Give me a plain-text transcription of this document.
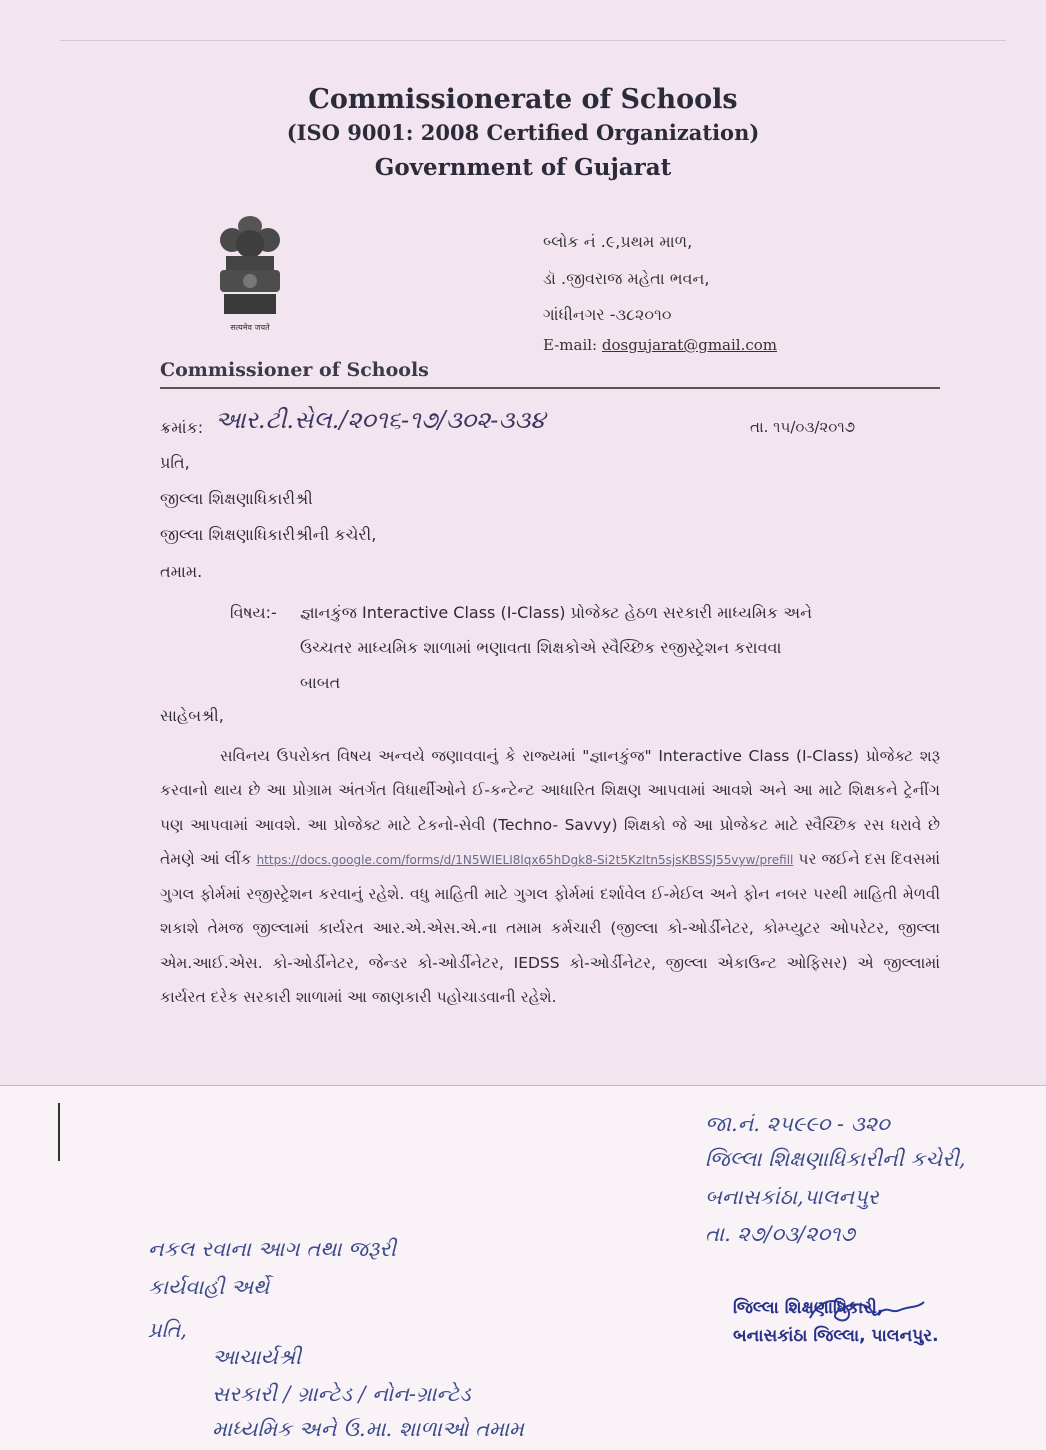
Commissionerate of Schools
(ISO 9001: 2008 Certified Organization)
Government of Gujarat
सत्यमेव जयते
બ્લોક નં .૯,પ્રથમ માળ,
ડૉ .જીવરાજ મહેતા ભવન,
ગાંધીનગર -૩૮૨૦૧૦
E-mail: dosgujarat@gmail.com
Commissioner of Schools
ક્રમાંક: આર.ટી.સેલ./૨૦૧૬-૧૭/૩૦૨-૩૩૪	તા. ૧૫/૦૩/૨૦૧૭
પ્રતિ,
જીલ્લા શિક્ષણાધિકારીશ્રી
જીલ્લા શિક્ષણાધિકારીશ્રીની કચેરી,
તમામ.
વિષય:- જ્ઞાનકુંજ Interactive Class (I-Class) પ્રોજેક્ટ હેઠળ સરકારી માધ્યમિક અને
ઉચ્ચતર માધ્યમિક શાળામાં ભણાવતા શિક્ષકોએ સ્વૈચ્છિક રજીસ્ટ્રેશન કરાવવા
બાબત
સાહેબશ્રી,
સવિનય ઉપરોક્ત વિષય અન્વયે જણાવવાનું કે રાજ્યમાં "જ્ઞાનકુંજ" Interactive Class (I-Class) પ્રોજેક્ટ શરૂ કરવાનો થાય છે આ પ્રોગ્રામ અંતર્ગત વિધાર્થીઓને ઈ-કન્ટેન્ટ આધારિત શિક્ષણ આપવામાં આવશે અને આ માટે શિક્ષકને ટ્રેનીંગ પણ આપવામાં આવશે. આ પ્રોજેક્ટ માટે ટેકનો-સેવી (Techno- Savvy) શિક્ષકો જે આ પ્રોજેકટ માટે સ્વૈચ્છિક રસ ધરાવે છે તેમણે આં લીંક https://docs.google.com/forms/d/1N5WIELI8lqx65hDgk8-Si2t5KzItn5sjsKBSSJ55vyw/prefill પર જઈને દસ દિવસમાં ગુગલ ફોર્મમાં રજીસ્ટ્રેશન કરવાનું રહેશે. વધુ માહિતી માટે ગુગલ ફોર્મમાં દર્શાવેલ ઈ-મેઈલ અને ફોન નબર પરથી માહિતી મેળવી શકાશે તેમજ જીલ્લામાં કાર્યરત આર.એ.એસ.એ.ના તમામ કર્મચારી (જીલ્લા કો-ઓર્ડીનેટર, કોમ્પ્યુટર ઓપરેટર, જીલ્લા એમ.આઈ.એસ. કો-ઓર્ડીનેટર, જેન્ડર કો-ઓર્ડીનેટર, IEDSS કો-ઓર્ડીનેટર, જીલ્લા એકાઉન્ટ ઓફિસર) એ જીલ્લામાં કાર્યરત દરેક સરકારી શાળામાં આ જાણકારી પહોચાડવાની રહેશે.
જા.નં. ૨૫૯૯૦ - ૩૨૦
જિલ્લા શિક્ષણાધિકારીની કચેરી,
બનાસકાંઠા,પાલનપુર
તા. ૨૭/૦૩/૨૦૧૭
નકલ રવાના આગ તથા જરૂરી
કાર્યવાહી અર્થે
પ્રતિ,
આચાર્યશ્રી
સરકારી / ગ્રાન્ટેડ / નોન-ગ્રાન્ટેડ
માધ્યમિક અને ઉ.મા. શાળાઓ તમામ
જિલ્લા શિક્ષણાધિકારી,
બનાસકાંઠા જિલ્લા, પાલનપુર.
